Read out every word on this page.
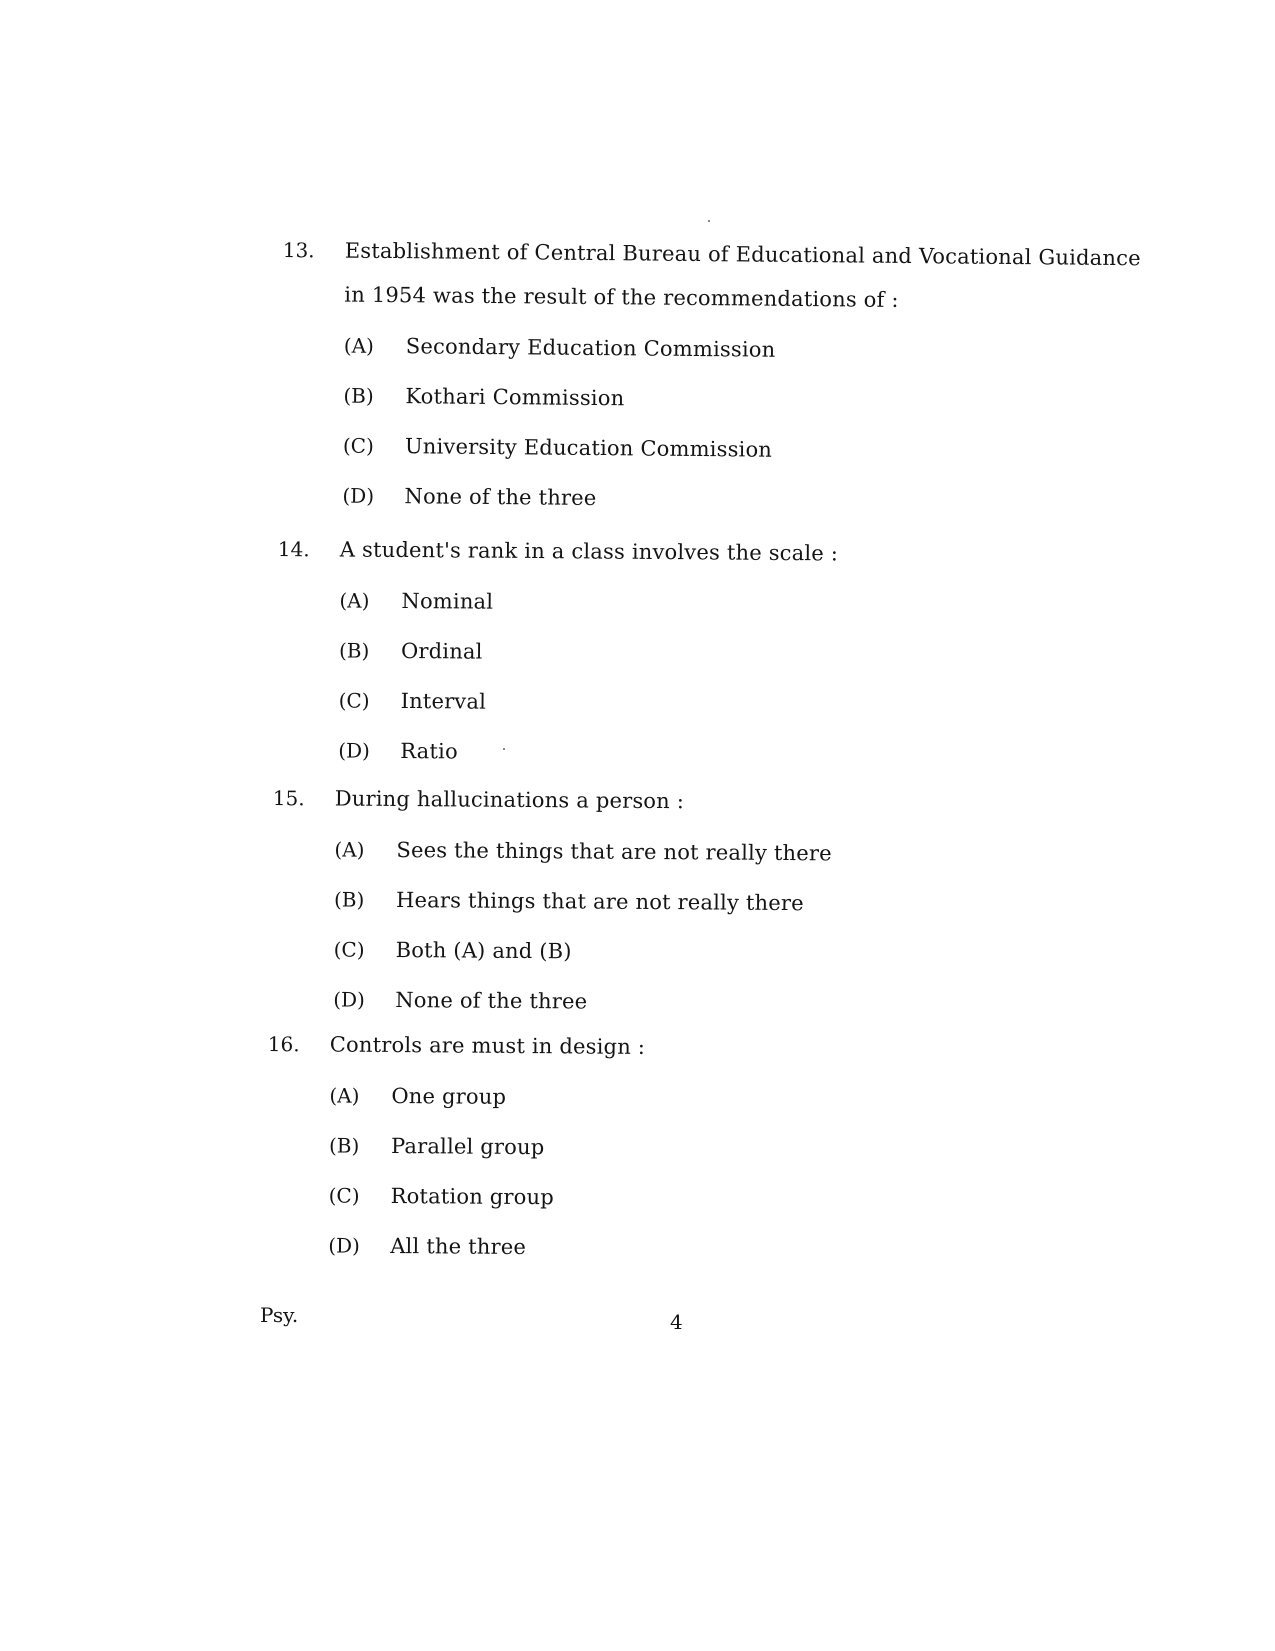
13.	Establishment of Central Bureau of Educational and Vocational Guidance
in 1954 was the result of the recommendations of :
(A)	Secondary Education Commission
(B)	Kothari Commission
(C)	University Education Commission
(D)	None of the three
14.	A student's rank in a class involves the scale :
(A)	Nominal
(B)	Ordinal
(C)	Interval
(D)	Ratio
15.	During hallucinations a person :
(A)	Sees the things that are not really there
(B)	Hears things that are not really there
(C)	Both (A) and (B)
(D)	None of the three
16.	Controls are must in design :
(A)	One group
(B)	Parallel group
(C)	Rotation group
(D)	All the three
Psy.	4
